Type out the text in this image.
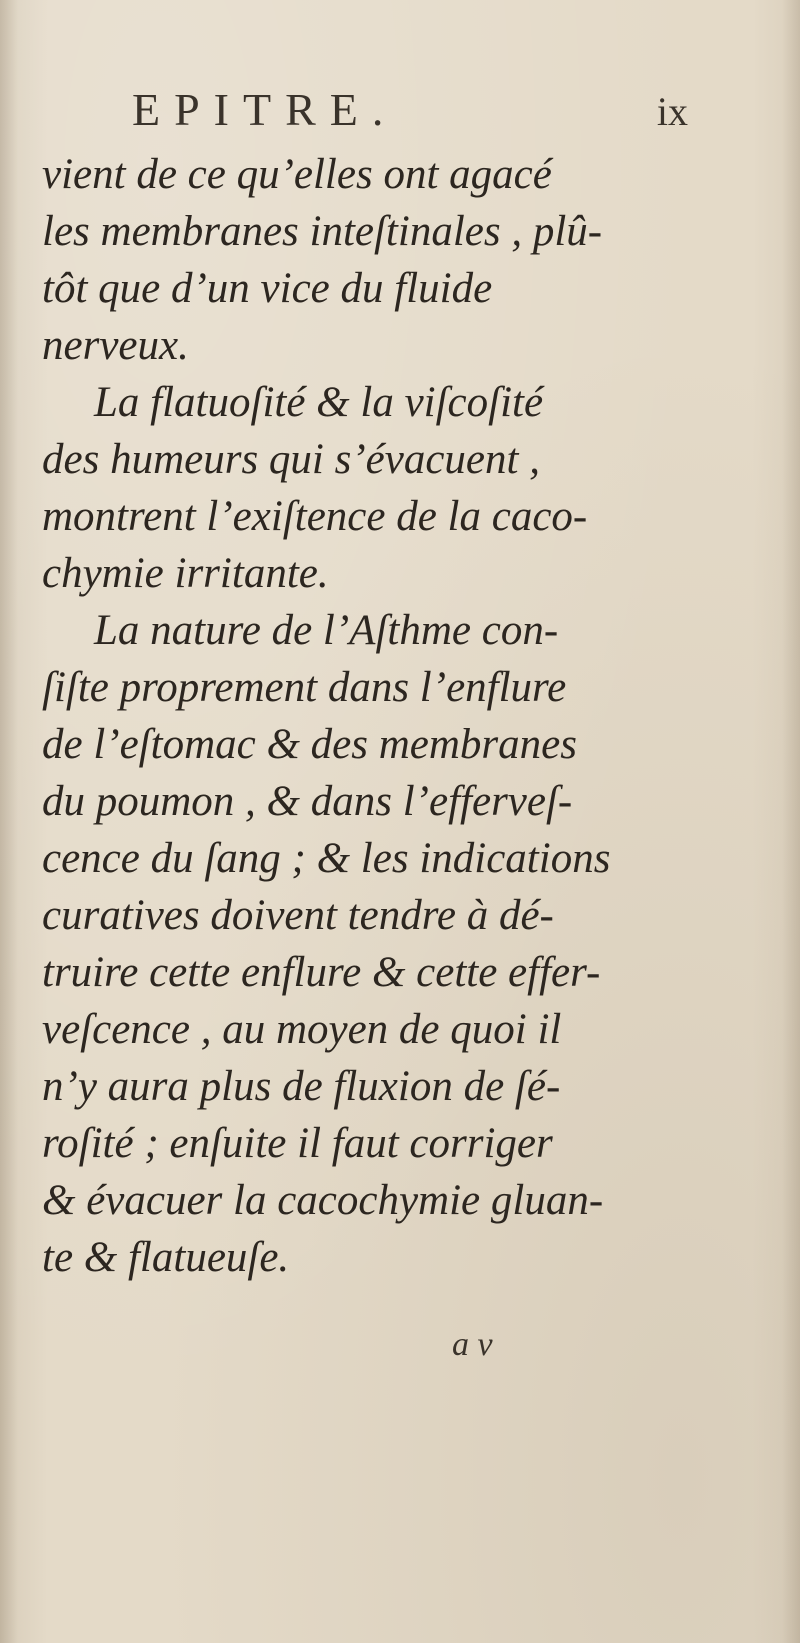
EPITRE.	ix
vient de ce qu’elles ont agacé
les membranes inteſtinales , plû-
tôt que d’un vice du fluide
nerveux.
La flatuoſité & la viſcoſité
des humeurs qui s’évacuent ,
montrent l’exiſtence de la caco-
chymie irritante.
La nature de l’Aſthme con-
ſiſte proprement dans l’enflure
de l’eſtomac & des membranes
du poumon , & dans l’efferveſ-
cence du ſang ; & les indications
curatives doivent tendre à dé-
truire cette enflure & cette effer-
veſcence , au moyen de quoi il
n’y aura plus de fluxion de ſé-
roſité ; enſuite il faut corriger
& évacuer la cacochymie gluan-
te & flatueuſe.
a v
